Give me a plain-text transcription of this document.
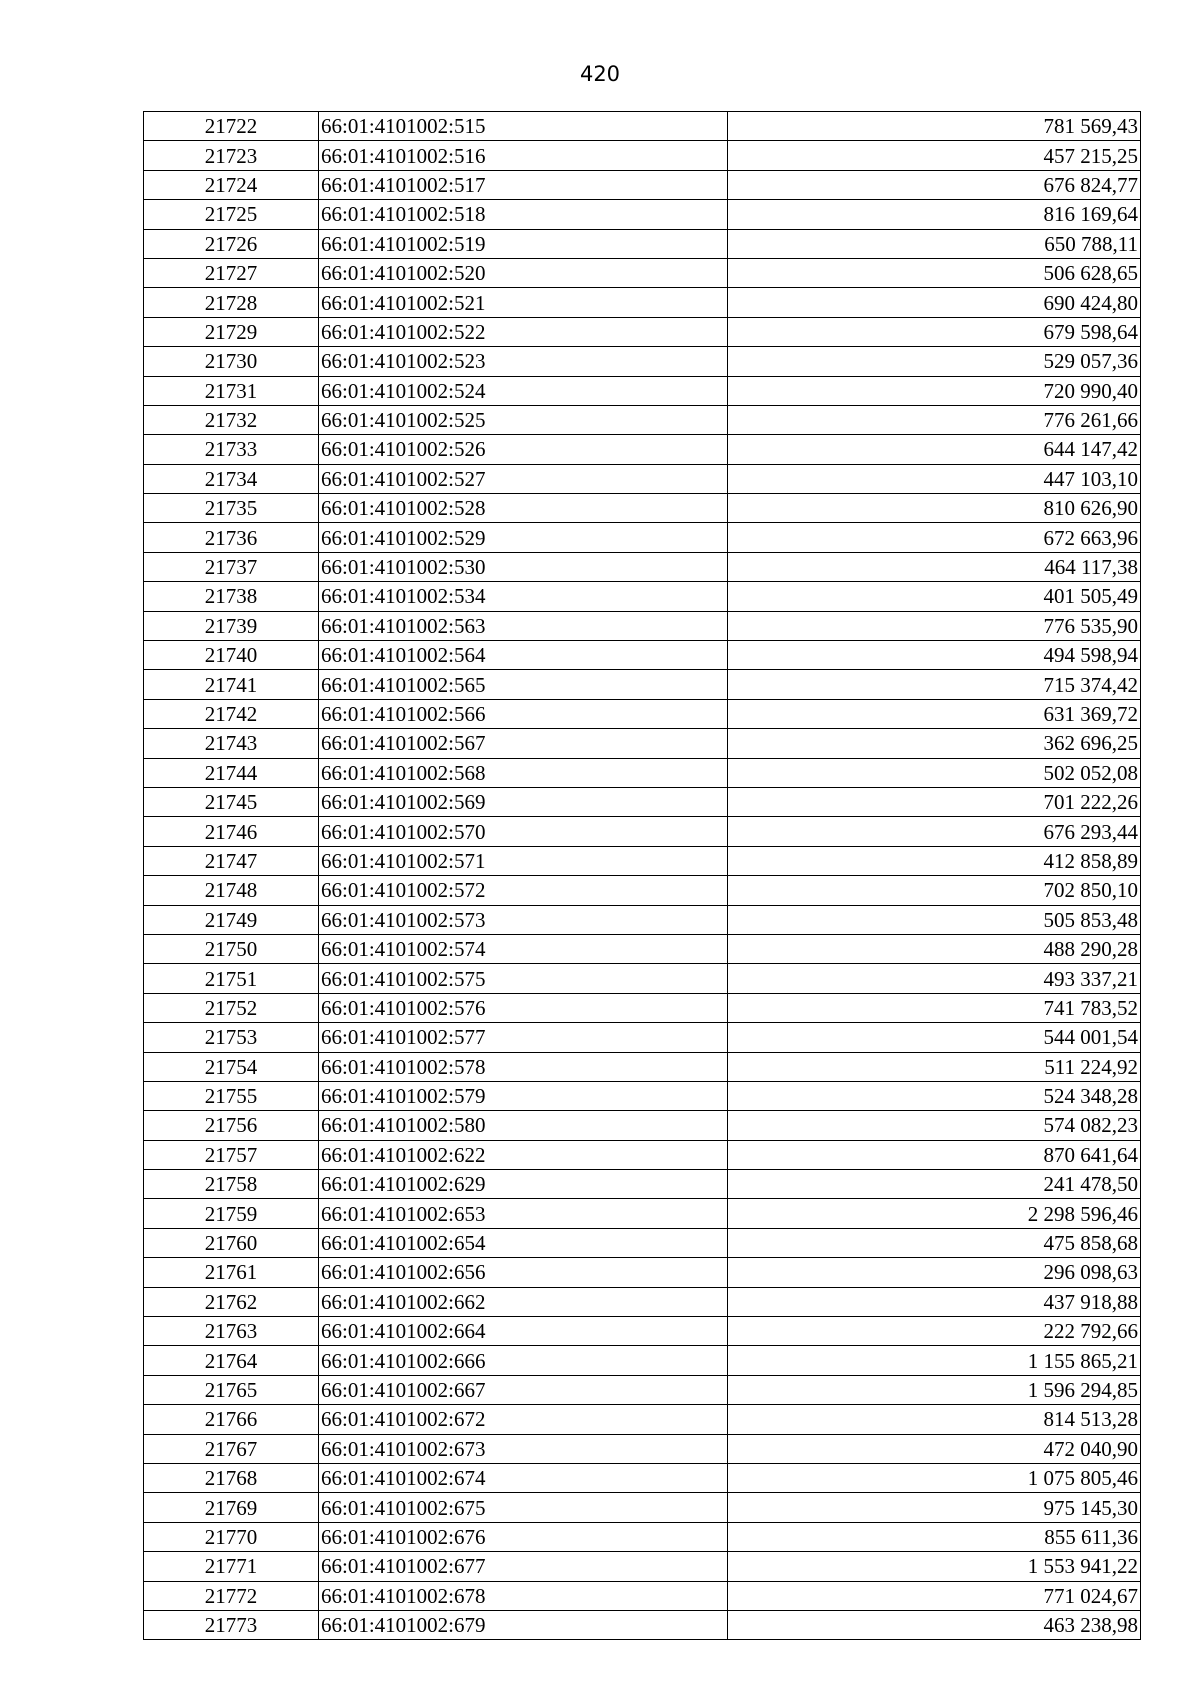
420
21722	66:01:4101002:515	781 569,43
21723	66:01:4101002:516	457 215,25
21724	66:01:4101002:517	676 824,77
21725	66:01:4101002:518	816 169,64
21726	66:01:4101002:519	650 788,11
21727	66:01:4101002:520	506 628,65
21728	66:01:4101002:521	690 424,80
21729	66:01:4101002:522	679 598,64
21730	66:01:4101002:523	529 057,36
21731	66:01:4101002:524	720 990,40
21732	66:01:4101002:525	776 261,66
21733	66:01:4101002:526	644 147,42
21734	66:01:4101002:527	447 103,10
21735	66:01:4101002:528	810 626,90
21736	66:01:4101002:529	672 663,96
21737	66:01:4101002:530	464 117,38
21738	66:01:4101002:534	401 505,49
21739	66:01:4101002:563	776 535,90
21740	66:01:4101002:564	494 598,94
21741	66:01:4101002:565	715 374,42
21742	66:01:4101002:566	631 369,72
21743	66:01:4101002:567	362 696,25
21744	66:01:4101002:568	502 052,08
21745	66:01:4101002:569	701 222,26
21746	66:01:4101002:570	676 293,44
21747	66:01:4101002:571	412 858,89
21748	66:01:4101002:572	702 850,10
21749	66:01:4101002:573	505 853,48
21750	66:01:4101002:574	488 290,28
21751	66:01:4101002:575	493 337,21
21752	66:01:4101002:576	741 783,52
21753	66:01:4101002:577	544 001,54
21754	66:01:4101002:578	511 224,92
21755	66:01:4101002:579	524 348,28
21756	66:01:4101002:580	574 082,23
21757	66:01:4101002:622	870 641,64
21758	66:01:4101002:629	241 478,50
21759	66:01:4101002:653	2 298 596,46
21760	66:01:4101002:654	475 858,68
21761	66:01:4101002:656	296 098,63
21762	66:01:4101002:662	437 918,88
21763	66:01:4101002:664	222 792,66
21764	66:01:4101002:666	1 155 865,21
21765	66:01:4101002:667	1 596 294,85
21766	66:01:4101002:672	814 513,28
21767	66:01:4101002:673	472 040,90
21768	66:01:4101002:674	1 075 805,46
21769	66:01:4101002:675	975 145,30
21770	66:01:4101002:676	855 611,36
21771	66:01:4101002:677	1 553 941,22
21772	66:01:4101002:678	771 024,67
21773	66:01:4101002:679	463 238,98
